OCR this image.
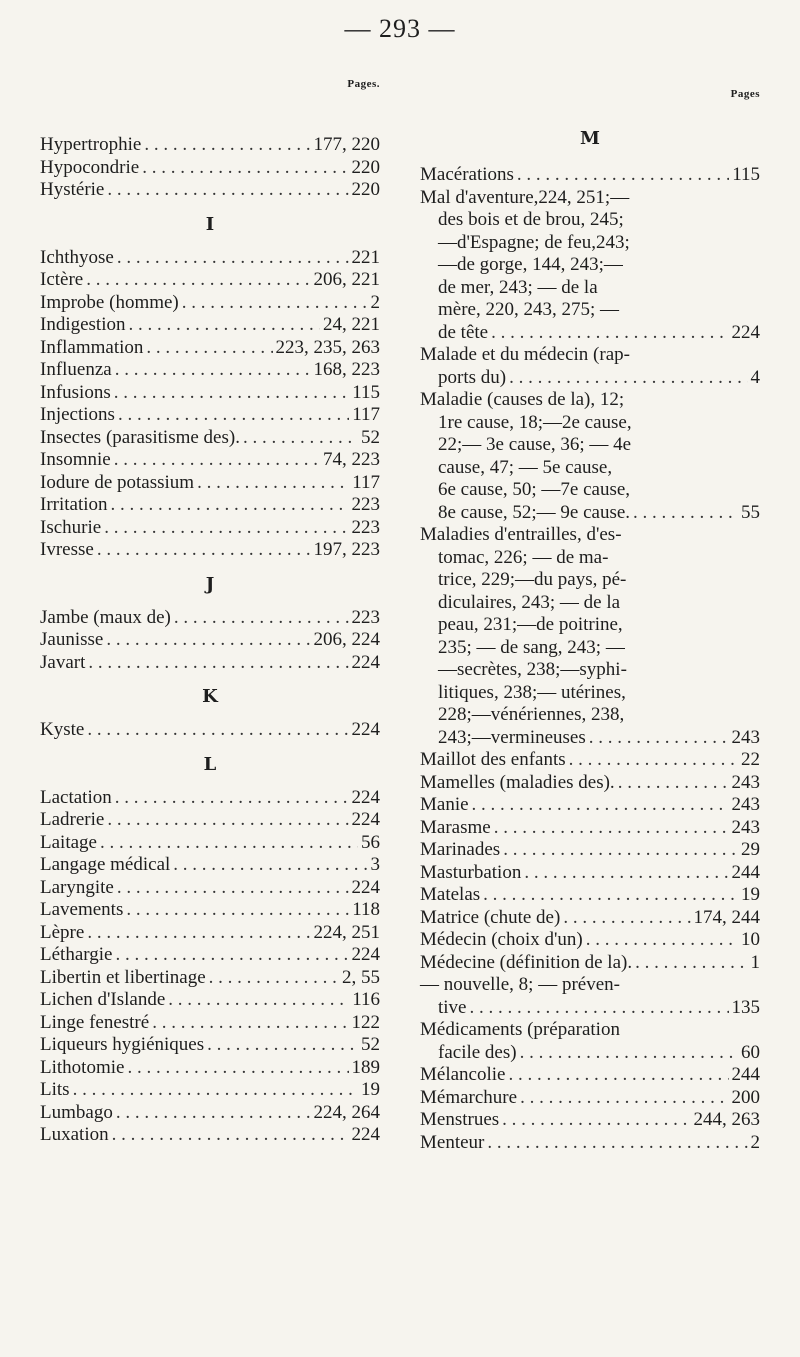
— 293 —
Pages.
Hypertrophie . . .	177, 220
Hypocondrie . . .	220
Hystérie . . .	220
I
Ichthyose . . .	221
Ictère . . .	206, 221
Improbe (homme) . . .	2
Indigestion . . .	24, 221
Inflammation . . .	223, 235, 263
Influenza . . .	168, 223
Infusions . . .	115
Injections . . .	117
Insectes (parasitisme des). . . .	52
Insomnie . . .	74, 223
Iodure de potassium . . .	117
Irritation . . .	223
Ischurie . . .	223
Ivresse . . .	197, 223
J
Jambe (maux de) . . .	223
Jaunisse . . .	206, 224
Javart . . .	224
K
Kyste . . .	224
L
Lactation . . .	224
Ladrerie . . .	224
Laitage . . .	56
Langage médical . . .	3
Laryngite . . .	224
Lavements . . .	118
Lèpre . . .	224, 251
Léthargie . . .	224
Libertin et libertinage . . .	2, 55
Lichen d'Islande . . .	116
Linge fenestré . . .	122
Liqueurs hygiéniques . . .	52
Lithotomie . . .	189
Lits . . .	19
Lumbago . . .	224, 264
Luxation . . .	224
Pages
M
Macérations . . .	115
Mal d'aventure,224, 251;—
des bois et de brou, 245;
—d'Espagne; de feu,243;
—de gorge, 144, 243;—
de mer, 243; — de la
mère, 220, 243, 275; —
de tête . . .	224
Malade et du médecin (rap-
ports du) . . .	4
Maladie (causes de la), 12;
1re cause, 18;—2e cause,
22;— 3e cause, 36; — 4e
cause, 47; — 5e cause,
6e cause, 50; —7e cause,
8e cause, 52;— 9e cause. . . .	55
Maladies d'entrailles, d'es-
tomac, 226; — de ma-
trice, 229;—du pays, pé-
diculaires, 243; — de la
peau, 231;—de poitrine,
235; — de sang, 243; —
—secrètes, 238;—syphi-
litiques, 238;— utérines,
228;—vénériennes, 238,
243;—vermineuses . . .	243
Maillot des enfants . . .	22
Mamelles (maladies des). . . .	243
Manie . . .	243
Marasme . . .	243
Marinades . . .	29
Masturbation . . .	244
Matelas . . .	19
Matrice (chute de) . . .	174, 244
Médecin (choix d'un) . . .	10
Médecine (définition de la). . . .	1
— nouvelle, 8; — préven-
tive . . .	135
Médicaments (préparation
facile des) . . .	60
Mélancolie . . .	244
Mémarchure . . .	200
Menstrues . . .	244, 263
Menteur . . .	2
